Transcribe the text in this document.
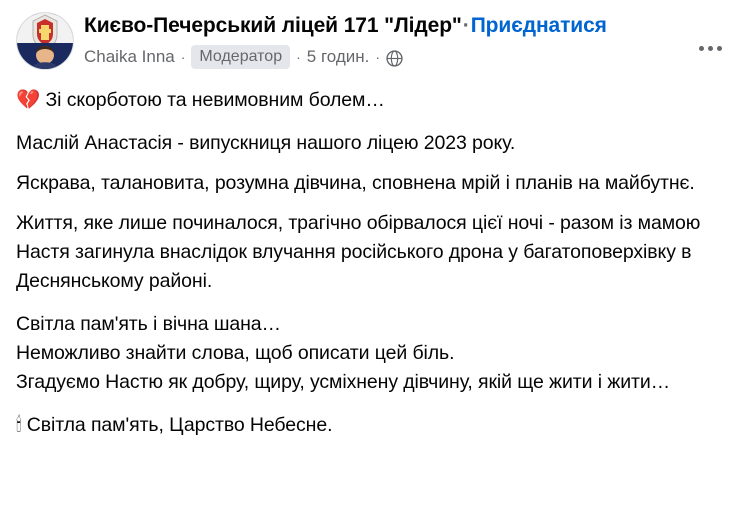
Києво-Печерський ліцей 171 "Лідер"·Приєднатися
Chaika Inna · Модератор	· 5 годин. ·

💔 Зі скорботою та невимовним болем…

Маслій Анастасія - випускниця нашого ліцею 2023 року.

Яскрава, талановита, розумна дівчина, сповнена мрій і планів на майбутнє.

Життя, яке лише починалося, трагічно обірвалося цієї ночі - разом із мамою Настя загинула внаслідок влучання російського дрона у багатоповерхівку в Деснянському районі.

Світла пам'ять і вічна шана…

Неможливо знайти слова, щоб описати цей біль.

Згадуємо Настю як добру, щиру, усміхнену дівчину, якій ще жити і жити…

🕯 Світла пам'ять, Царство Небесне.
